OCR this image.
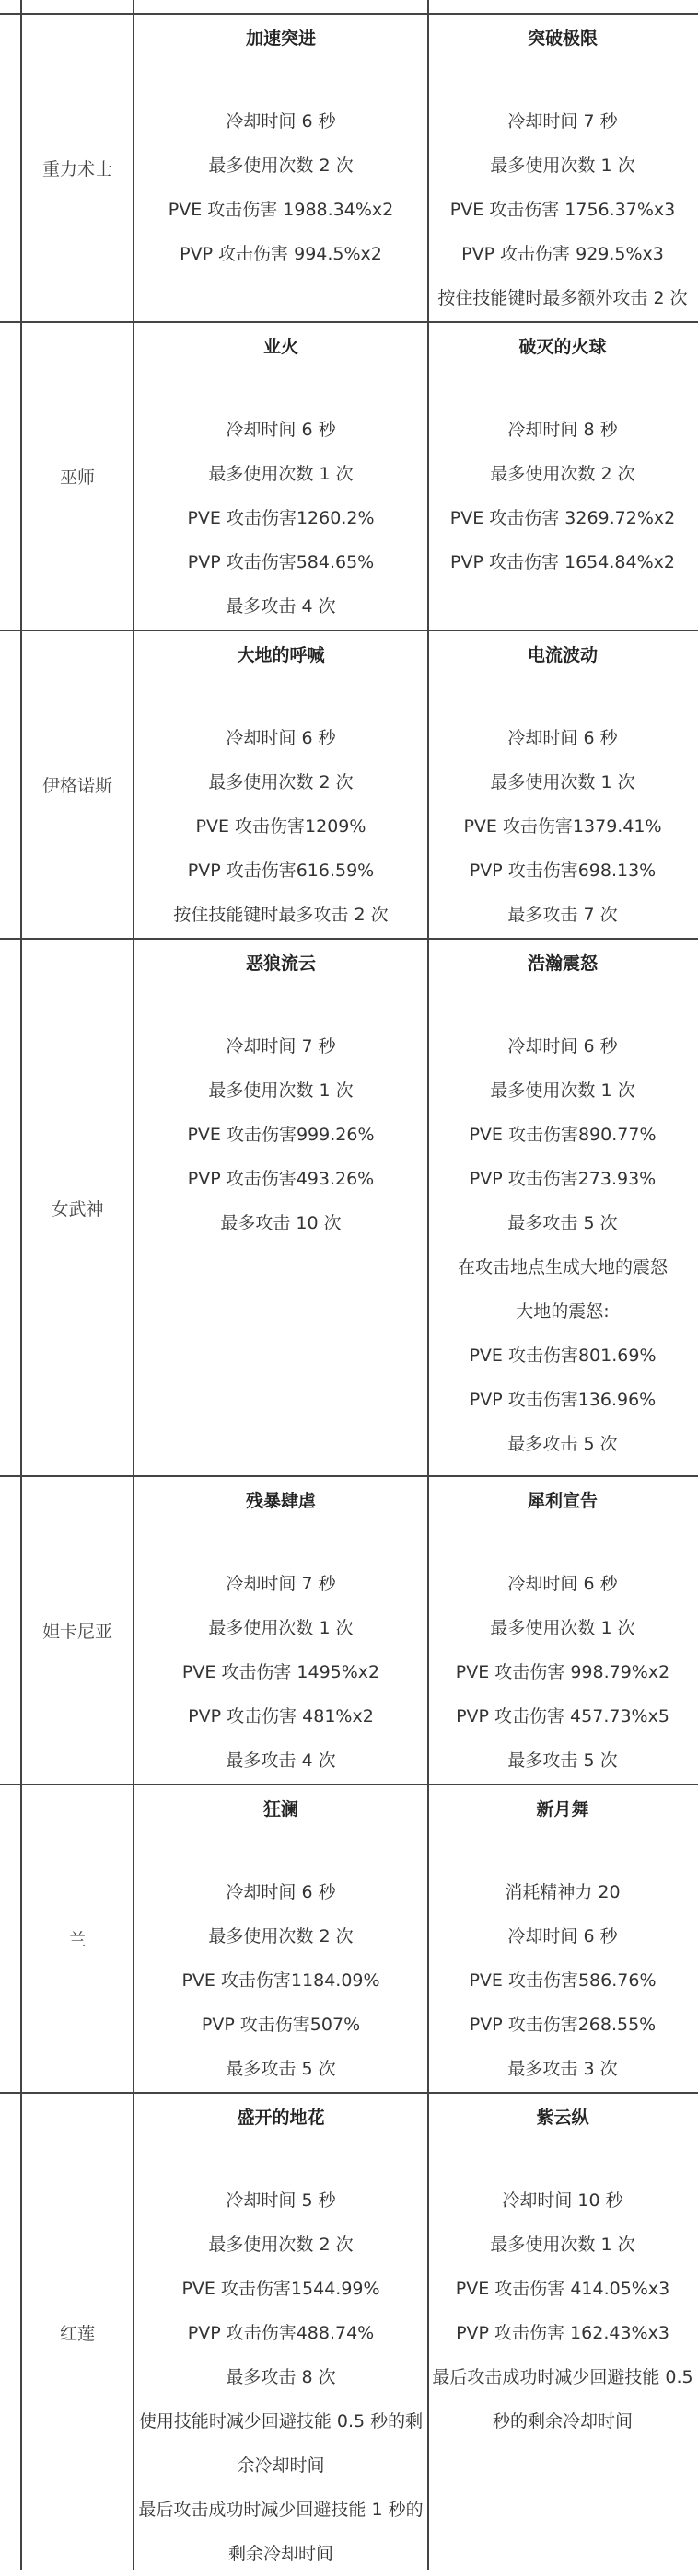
重力术士
加速突进
冷却时间 6 秒
最多使用次数 2 次
PVE 攻击伤害 1988.34%x2
PVP 攻击伤害 994.5%x2
突破极限
冷却时间 7 秒
最多使用次数 1 次
PVE 攻击伤害 1756.37%x3
PVP 攻击伤害 929.5%x3
按住技能键时最多额外攻击 2 次
巫师
业火
冷却时间 6 秒
最多使用次数 1 次
PVE 攻击伤害1260.2%
PVP 攻击伤害584.65%
最多攻击 4 次
破灭的火球
冷却时间 8 秒
最多使用次数 2 次
PVE 攻击伤害 3269.72%x2
PVP 攻击伤害 1654.84%x2
伊格诺斯
大地的呼喊
冷却时间 6 秒
最多使用次数 2 次
PVE 攻击伤害1209%
PVP 攻击伤害616.59%
按住技能键时最多攻击 2 次
电流波动
冷却时间 6 秒
最多使用次数 1 次
PVE 攻击伤害1379.41%
PVP 攻击伤害698.13%
最多攻击 7 次
女武神
恶狼流云
冷却时间 7 秒
最多使用次数 1 次
PVE 攻击伤害999.26%
PVP 攻击伤害493.26%
最多攻击 10 次
浩瀚震怒
冷却时间 6 秒
最多使用次数 1 次
PVE 攻击伤害890.77%
PVP 攻击伤害273.93%
最多攻击 5 次
在攻击地点生成大地的震怒
大地的震怒:
PVE 攻击伤害801.69%
PVP 攻击伤害136.96%
最多攻击 5 次
妲卡尼亚
残暴肆虐
冷却时间 7 秒
最多使用次数 1 次
PVE 攻击伤害 1495%x2
PVP 攻击伤害 481%x2
最多攻击 4 次
犀利宣告
冷却时间 6 秒
最多使用次数 1 次
PVE 攻击伤害 998.79%x2
PVP 攻击伤害 457.73%x5
最多攻击 5 次
兰
狂澜
冷却时间 6 秒
最多使用次数 2 次
PVE 攻击伤害1184.09%
PVP 攻击伤害507%
最多攻击 5 次
新月舞
消耗精神力 20
冷却时间 6 秒
PVE 攻击伤害586.76%
PVP 攻击伤害268.55%
最多攻击 3 次
红莲
盛开的地花
冷却时间 5 秒
最多使用次数 2 次
PVE 攻击伤害1544.99%
PVP 攻击伤害488.74%
最多攻击 8 次
使用技能时减少回避技能 0.5 秒的剩余冷却时间
最后攻击成功时减少回避技能 1 秒的剩余冷却时间
紫云纵
冷却时间 10 秒
最多使用次数 1 次
PVE 攻击伤害 414.05%x3
PVP 攻击伤害 162.43%x3
最后攻击成功时减少回避技能 0.5 秒的剩余冷却时间
